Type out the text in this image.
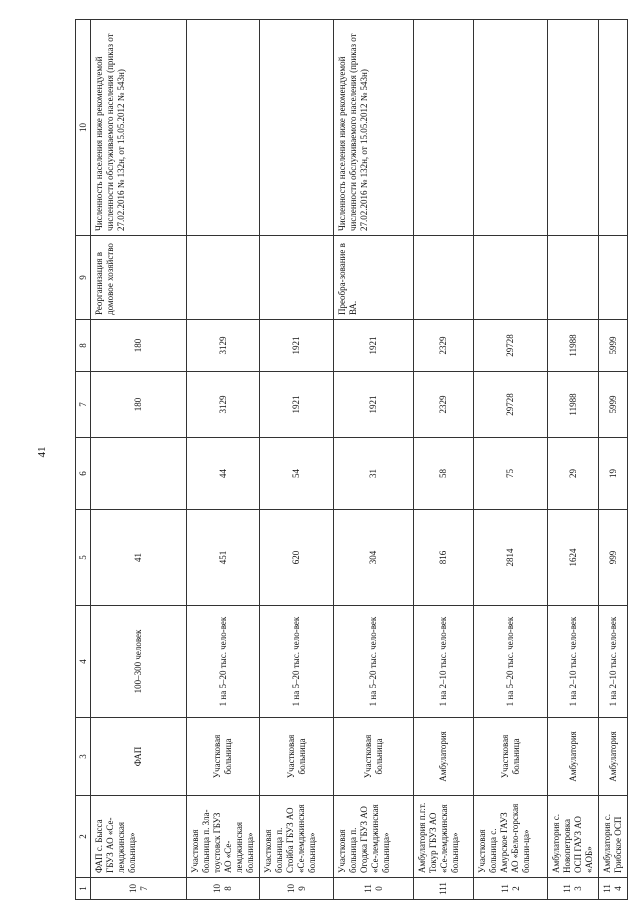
41
1	2	3	4	5	6	7	8	9	10
107	ФАП с. Бысса ГБУЗ АО «Се-лемджинская больница»	ФАП	100–300 человек	41		180	180	Реорганизация в домовое хозяйство	Численность населения ниже рекомендуемой численности обслуживаемого населения (приказ от 27.02.2016 № 132н, от 15.05.2012 № 543н)
108	Участковая больница п. Зла-тоустовск ГБУЗ АО «Се-лемджинская больница»	Участковая больница	1 на 5–20 тыс. чело-век	451	44	3129	3129		
109	Участковая больница п. Стойба ГБУЗ АО «Се-лемджинская больница»	Участковая больница	1 на 5–20 тыс. чело-век	620	54	1921	1921		
110	Участковая больница п. Огоджа ГБУЗ АО «Се-лемджинская больница»	Участковая больница	1 на 5–20 тыс. чело-век	304	31	1921	1921	Преобра-зование в ВА.	Численность населения ниже рекомендуемой численности обслуживаемого населения (приказ от 27.02.2016 № 132н, от 15.05.2012 № 543н)
111	Амбулатория п.г.т. Токур ГБУЗ АО «Се-лемджинская больница»	Амбулатория	1 на 2–10 тыс. чело-век	816	58	2329	2329		
112	Участковая больница с. Амурское ГАУЗ АО «Бело-горская больни-ца»	Участковая больница	1 на 5–20 тыс. чело-век	2814	75	29728	29728		
113	Амбулатория с. Новопетровка ОСП ГАУЗ АО «АОБ»	Амбулатория	1 на 2–10 тыс. чело-век	1624	29	11988	11988		
114	Амбулатория с. Грибское ОСП	Амбулатория	1 на 2–10 тыс. чело-век	999	19	5999	5999		
